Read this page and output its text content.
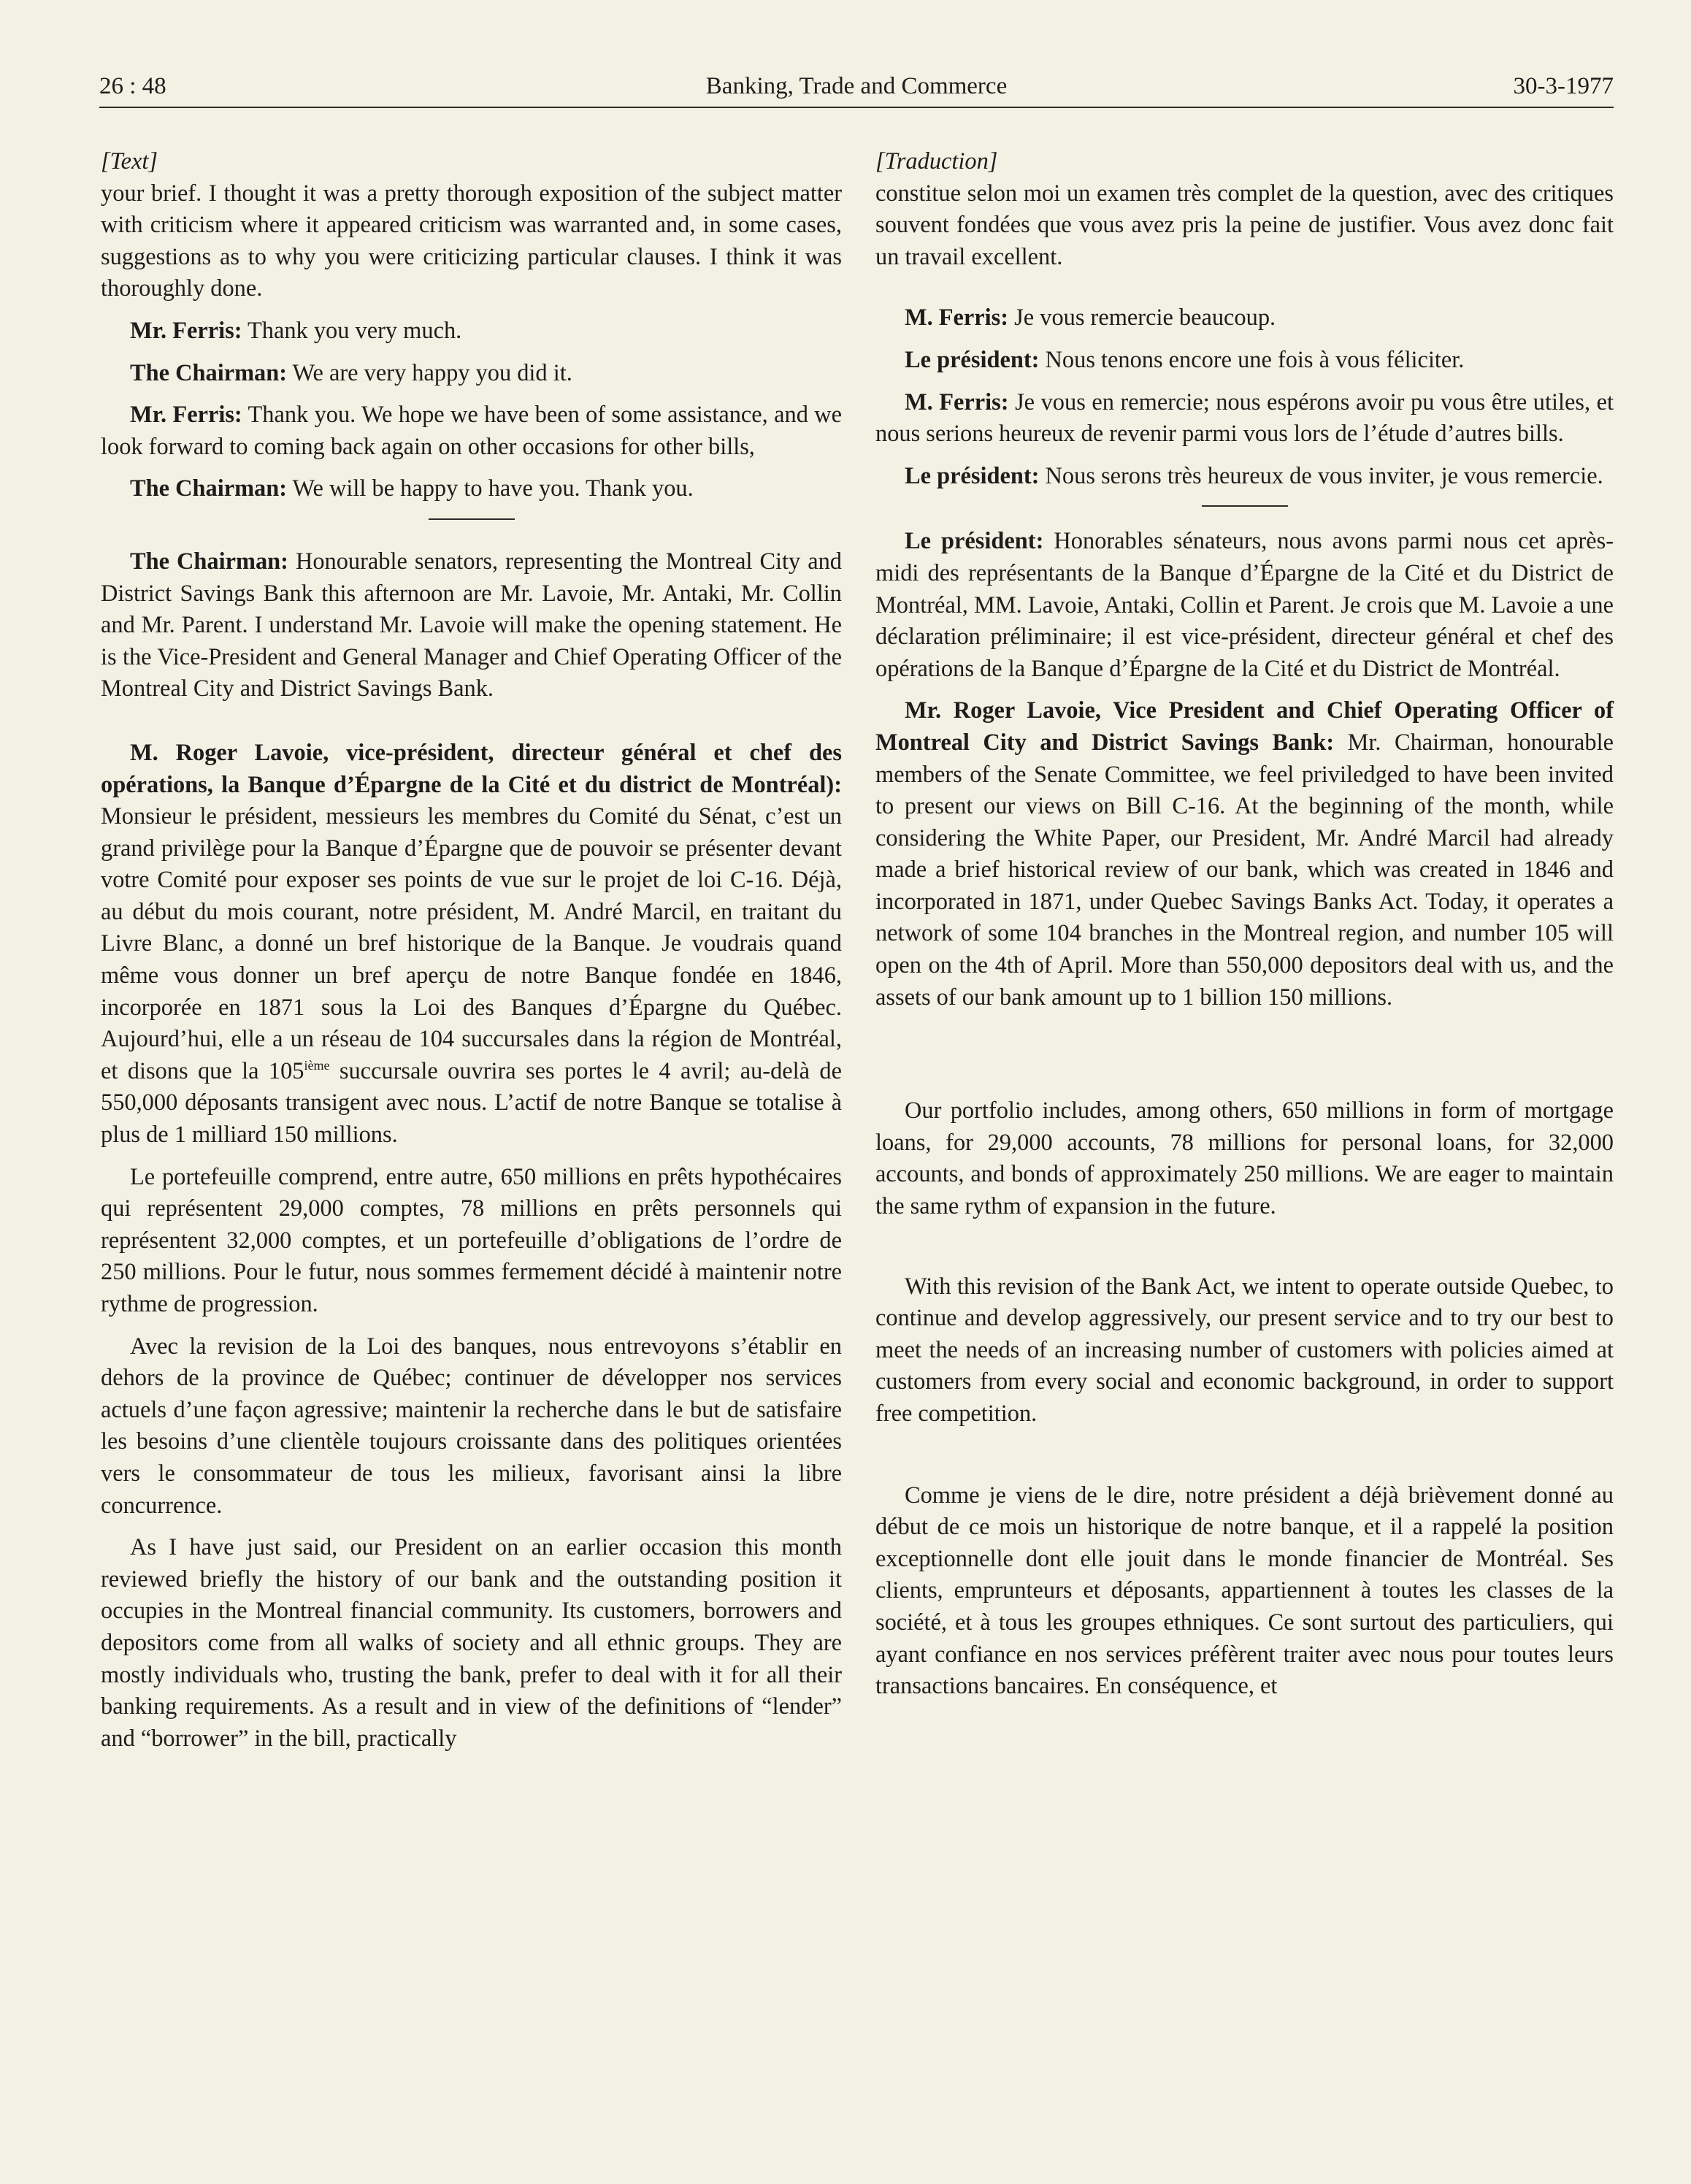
26 : 48	Banking, Trade and Commerce	30-3-1977

[Text]

your brief. I thought it was a pretty thorough exposition of the subject matter with criticism where it appeared criticism was warranted and, in some cases, suggestions as to why you were criticizing particular clauses. I think it was thoroughly done.

Mr. Ferris: Thank you very much.

The Chairman: We are very happy you did it.

Mr. Ferris: Thank you. We hope we have been of some assistance, and we look forward to coming back again on other occasions for other bills,

The Chairman: We will be happy to have you. Thank you.

The Chairman: Honourable senators, representing the Montreal City and District Savings Bank this afternoon are Mr. Lavoie, Mr. Antaki, Mr. Collin and Mr. Parent. I understand Mr. Lavoie will make the opening statement. He is the Vice-President and General Manager and Chief Operating Officer of the Montreal City and District Savings Bank.

M. Roger Lavoie, vice-président, directeur général et chef des opérations, la Banque d’Épargne de la Cité et du district de Montréal): Monsieur le président, messieurs les membres du Comité du Sénat, c’est un grand privilège pour la Banque d’Épargne que de pouvoir se présenter devant votre Comité pour exposer ses points de vue sur le projet de loi C-16. Déjà, au début du mois courant, notre président, M. André Marcil, en traitant du Livre Blanc, a donné un bref historique de la Banque. Je voudrais quand même vous donner un bref aperçu de notre Banque fondée en 1846, incorporée en 1871 sous la Loi des Banques d’Épargne du Québec. Aujourd’hui, elle a un réseau de 104 succursales dans la région de Montréal, et disons que la 105ième succursale ouvrira ses portes le 4 avril; au-delà de 550,000 déposants transigent avec nous. L’actif de notre Banque se totalise à plus de 1 milliard 150 millions.

Le portefeuille comprend, entre autre, 650 millions en prêts hypothécaires qui représentent 29,000 comptes, 78 millions en prêts personnels qui représentent 32,000 comptes, et un portefeuille d’obligations de l’ordre de 250 millions. Pour le futur, nous sommes fermement décidé à maintenir notre rythme de progression.

Avec la revision de la Loi des banques, nous entrevoyons s’établir en dehors de la province de Québec; continuer de développer nos services actuels d’une façon agressive; maintenir la recherche dans le but de satisfaire les besoins d’une clientèle toujours croissante dans des politiques orientées vers le consommateur de tous les milieux, favorisant ainsi la libre concurrence.

As I have just said, our President on an earlier occasion this month reviewed briefly the history of our bank and the outstanding position it occupies in the Montreal financial community. Its customers, borrowers and depositors come from all walks of society and all ethnic groups. They are mostly individuals who, trusting the bank, prefer to deal with it for all their banking requirements. As a result and in view of the definitions of “lender” and “borrower” in the bill, practically

[Traduction]

constitue selon moi un examen très complet de la question, avec des critiques souvent fondées que vous avez pris la peine de justifier. Vous avez donc fait un travail excellent.

M. Ferris: Je vous remercie beaucoup.

Le président: Nous tenons encore une fois à vous féliciter.

M. Ferris: Je vous en remercie; nous espérons avoir pu vous être utiles, et nous serions heureux de revenir parmi vous lors de l’étude d’autres bills.

Le président: Nous serons très heureux de vous inviter, je vous remercie.

Le président: Honorables sénateurs, nous avons parmi nous cet après-midi des représentants de la Banque d’Épargne de la Cité et du District de Montréal, MM. Lavoie, Antaki, Collin et Parent. Je crois que M. Lavoie a une déclaration préliminaire; il est vice-président, directeur général et chef des opérations de la Banque d’Épargne de la Cité et du District de Montréal.

Mr. Roger Lavoie, Vice President and Chief Operating Officer of Montreal City and District Savings Bank: Mr. Chairman, honourable members of the Senate Committee, we feel priviledged to have been invited to present our views on Bill C-16. At the beginning of the month, while considering the White Paper, our President, Mr. André Marcil had already made a brief historical review of our bank, which was created in 1846 and incorporated in 1871, under Quebec Savings Banks Act. Today, it operates a network of some 104 branches in the Montreal region, and number 105 will open on the 4th of April. More than 550,000 depositors deal with us, and the assets of our bank amount up to 1 billion 150 millions.

Our portfolio includes, among others, 650 millions in form of mortgage loans, for 29,000 accounts, 78 millions for personal loans, for 32,000 accounts, and bonds of approximately 250 millions. We are eager to maintain the same rythm of expansion in the future.

With this revision of the Bank Act, we intent to operate outside Quebec, to continue and develop aggressively, our present service and to try our best to meet the needs of an increasing number of customers with policies aimed at customers from every social and economic background, in order to support free competition.

Comme je viens de le dire, notre président a déjà brièvement donné au début de ce mois un historique de notre banque, et il a rappelé la position exceptionnelle dont elle jouit dans le monde financier de Montréal. Ses clients, emprunteurs et déposants, appartiennent à toutes les classes de la société, et à tous les groupes ethniques. Ce sont surtout des particuliers, qui ayant confiance en nos services préfèrent traiter avec nous pour toutes leurs transactions bancaires. En conséquence, et
